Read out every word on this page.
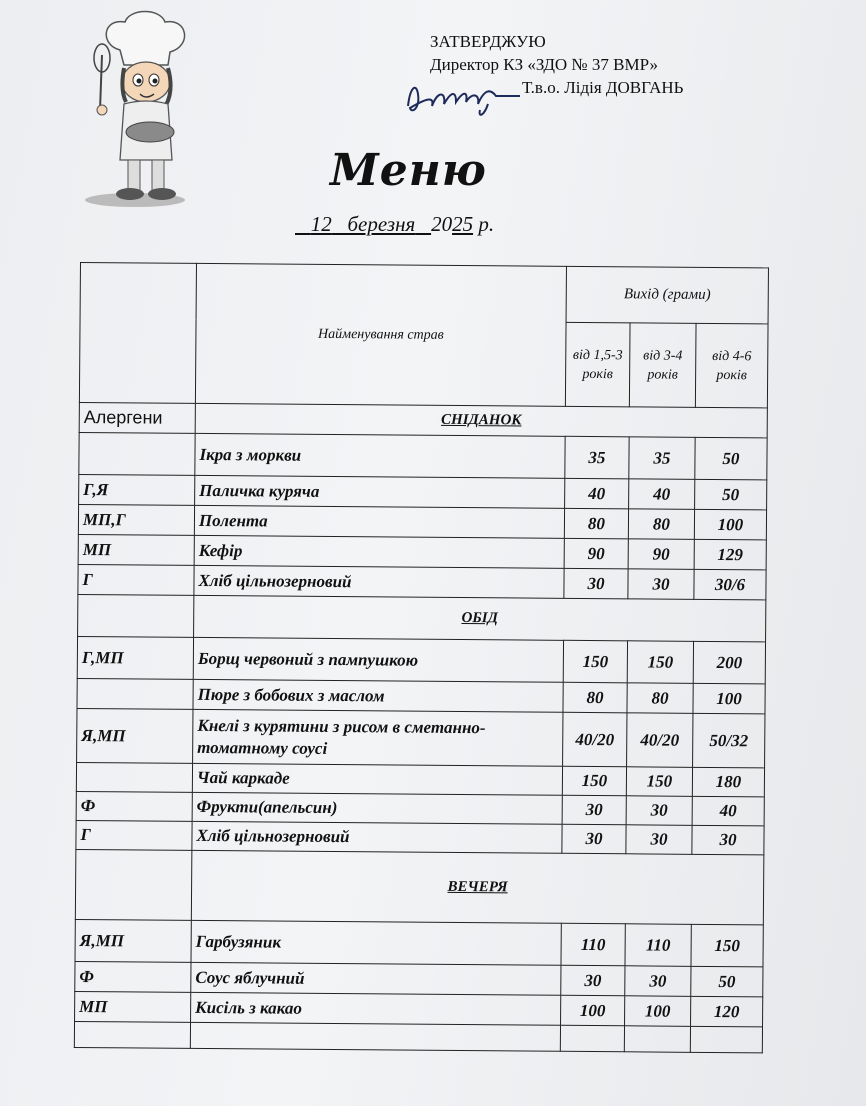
ЗАТВЕРДЖУЮ
Директор КЗ «ЗДО № 37 ВМР»
Т.в.о. Лідія ДОВГАНЬ
Меню
12 березня 2025 р.
	Найменування страв	Вихід (грами)		
		від 1,5-3 років	від 3-4 років	від 4-6 років
Алергени	СНІДАНОК			
	Ікра з моркви	35	35	50
Г,Я	Паличка куряча	40	40	50
МП,Г	Полента	80	80	100
МП	Кефір	90	90	129
Г	Хліб цільнозерновий	30	30	30/6
	ОБІД			
Г,МП	Борщ червоний з пампушкою	150	150	200
	Пюре з бобових з маслом	80	80	100
Я,МП	Кнелі з курятини з рисом в сметанно-томатному соусі	40/20	40/20	50/32
	Чай каркаде	150	150	180
Ф	Фрукти(апельсин)	30	30	40
Г	Хліб цільнозерновий	30	30	30
	ВЕЧЕРЯ			
Я,МП	Гарбузяник	110	110	150
Ф	Соус яблучний	30	30	50
МП	Кисіль з какао	100	100	120
